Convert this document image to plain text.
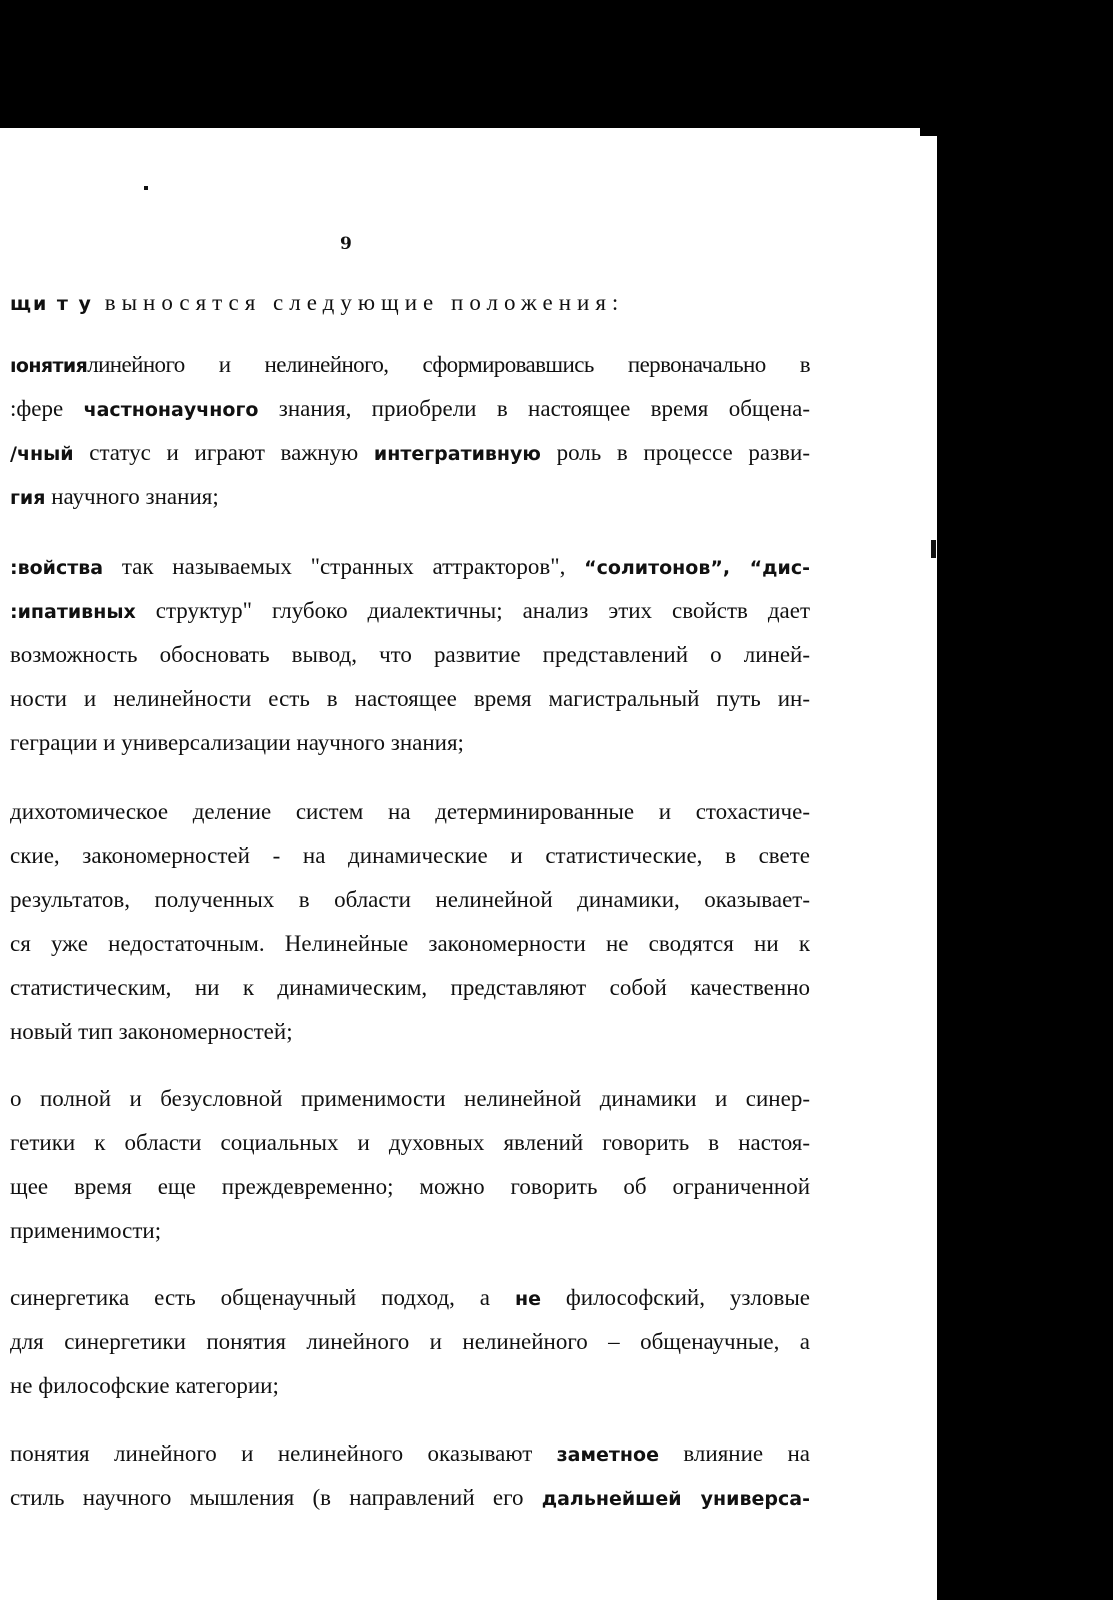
9
щи т у выносятся следующие положения:
ıонятиялинейного и нелинейного, сформировавшись первоначально в
:фере частнонаучного знания, приобрели в настоящее время общена-
/чный статус и играют важную интегративную роль в процессе разви-
гия научного знания;
:войства так называемых "странных аттракторов", “солитонов”, “дис-
:ипативных структур" глубоко диалектичны; анализ этих свойств дает
возможность обосновать вывод, что развитие представлений о линей-
ности и нелинейности есть в настоящее время магистральный путь ин-
геграции и универсализации научного знания;
дихотомическое деление систем на детерминированные и стохастиче-
ские, закономерностей - на динамические и статистические, в свете
результатов, полученных в области нелинейной динамики, оказывает-
ся уже недостаточным. Нелинейные закономерности не сводятся ни к
статистическим, ни к динамическим, представляют собой качественно
новый тип закономерностей;
о полной и безусловной применимости нелинейной динамики и синер-
гетики к области социальных и духовных явлений говорить в настоя-
щее время еще преждевременно; можно говорить об ограниченной
применимости;
синергетика есть общенаучный подход, а не философский, узловые
для синергетики понятия линейного и нелинейного – общенаучные, а
не философские категории;
понятия линейного и нелинейного оказывают заметное влияние на
стиль научного мышления (в направлений его дальнейшей универса-
